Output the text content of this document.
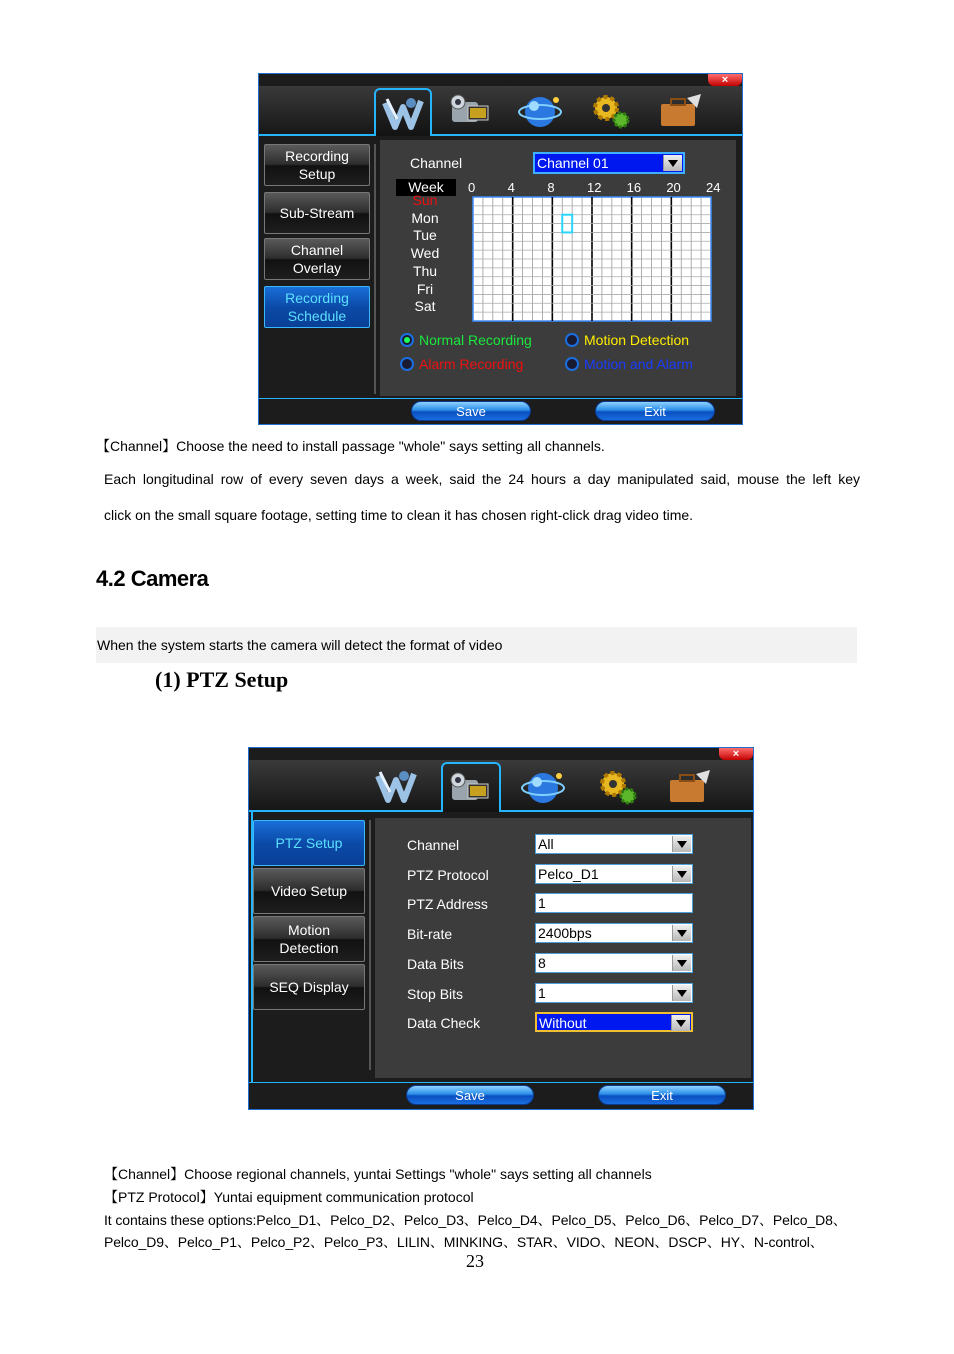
×
Recording
Setup
Sub-Stream
Channel
Overlay
Recording
Schedule
Channel	Channel 01
Week	0 4 8 12 16 20 24
Sun
Mon
Tue
Wed
Thu
Fri
Sat
Normal Recording	Motion Detection
Alarm Recording	Motion and Alarm
Save	Exit
【Channel】Choose the need to install passage "whole" says setting all channels.
Each longitudinal row of every seven days a week, said the 24 hours a day manipulated said, mouse the left key
click on the small square footage, setting time to clean it has chosen right-click drag video time.
4.2 Camera
When the system starts the camera will detect the format of video
(1) PTZ Setup
×
PTZ Setup
Video Setup
Motion
Detection
SEQ Display
Channel	All
PTZ Protocol	Pelco_D1
PTZ Address	1
Bit-rate	2400bps
Data Bits	8
Stop Bits	1
Data Check	Without
Save	Exit
【Channel】Choose regional channels, yuntai Settings "whole" says setting all channels
【PTZ Protocol】Yuntai equipment communication protocol
It contains these options:Pelco_D1、Pelco_D2、Pelco_D3、Pelco_D4、Pelco_D5、Pelco_D6、Pelco_D7、Pelco_D8、
Pelco_D9、Pelco_P1、Pelco_P2、Pelco_P3、LILIN、MINKING、STAR、VIDO、NEON、DSCP、HY、N-control、
23
